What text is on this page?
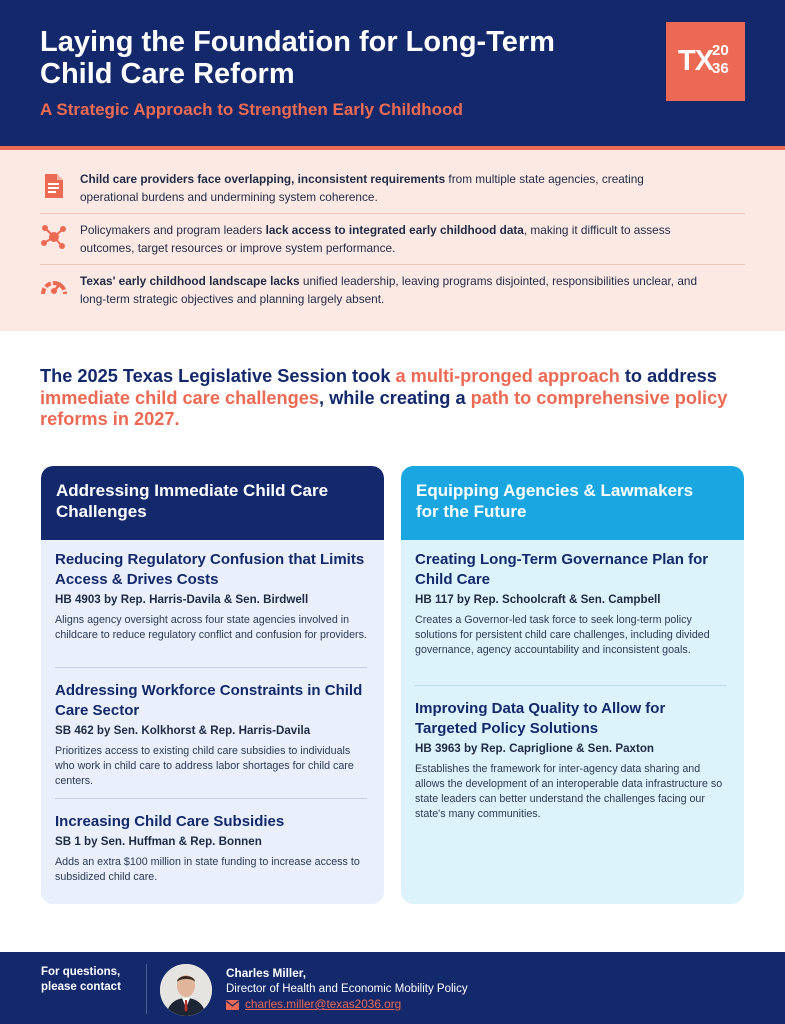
Laying the Foundation for Long-Term Child Care Reform
A Strategic Approach to Strengthen Early Childhood
TX
20
36
Child care providers face overlapping, inconsistent requirements from multiple state agencies, creating operational burdens and undermining system coherence.
Policymakers and program leaders lack access to integrated early childhood data, making it difficult to assess outcomes, target resources or improve system performance.
Texas' early childhood landscape lacks unified leadership, leaving programs disjointed, responsibilities unclear, and long-term strategic objectives and planning largely absent.
The 2025 Texas Legislative Session took a multi-pronged approach to address immediate child care challenges, while creating a path to comprehensive policy reforms in 2027.
Addressing Immediate Child Care Challenges
Reducing Regulatory Confusion that Limits Access & Drives Costs
HB 4903 by Rep. Harris-Davila & Sen. Birdwell
Aligns agency oversight across four state agencies involved in childcare to reduce regulatory conflict and confusion for providers.
Addressing Workforce Constraints in Child Care Sector
SB 462 by Sen. Kolkhorst & Rep. Harris-Davila
Prioritizes access to existing child care subsidies to individuals who work in child care to address labor shortages for child care centers.
Increasing Child Care Subsidies
SB 1 by Sen. Huffman & Rep. Bonnen
Adds an extra $100 million in state funding to increase access to subsidized child care.
Equipping Agencies & Lawmakers for the Future
Creating Long-Term Governance Plan for Child Care
HB 117 by Rep. Schoolcraft & Sen. Campbell
Creates a Governor-led task force to seek long-term policy solutions for persistent child care challenges, including divided governance, agency accountability and inconsistent goals.
Improving Data Quality to Allow for Targeted Policy Solutions
HB 3963 by Rep. Capriglione & Sen. Paxton
Establishes the framework for inter-agency data sharing and allows the development of an interoperable data infrastructure so state leaders can better understand the challenges facing our state's many communities.
For questions, please contact
Charles Miller,
Director of Health and Economic Mobility Policy
charles.miller@texas2036.org
